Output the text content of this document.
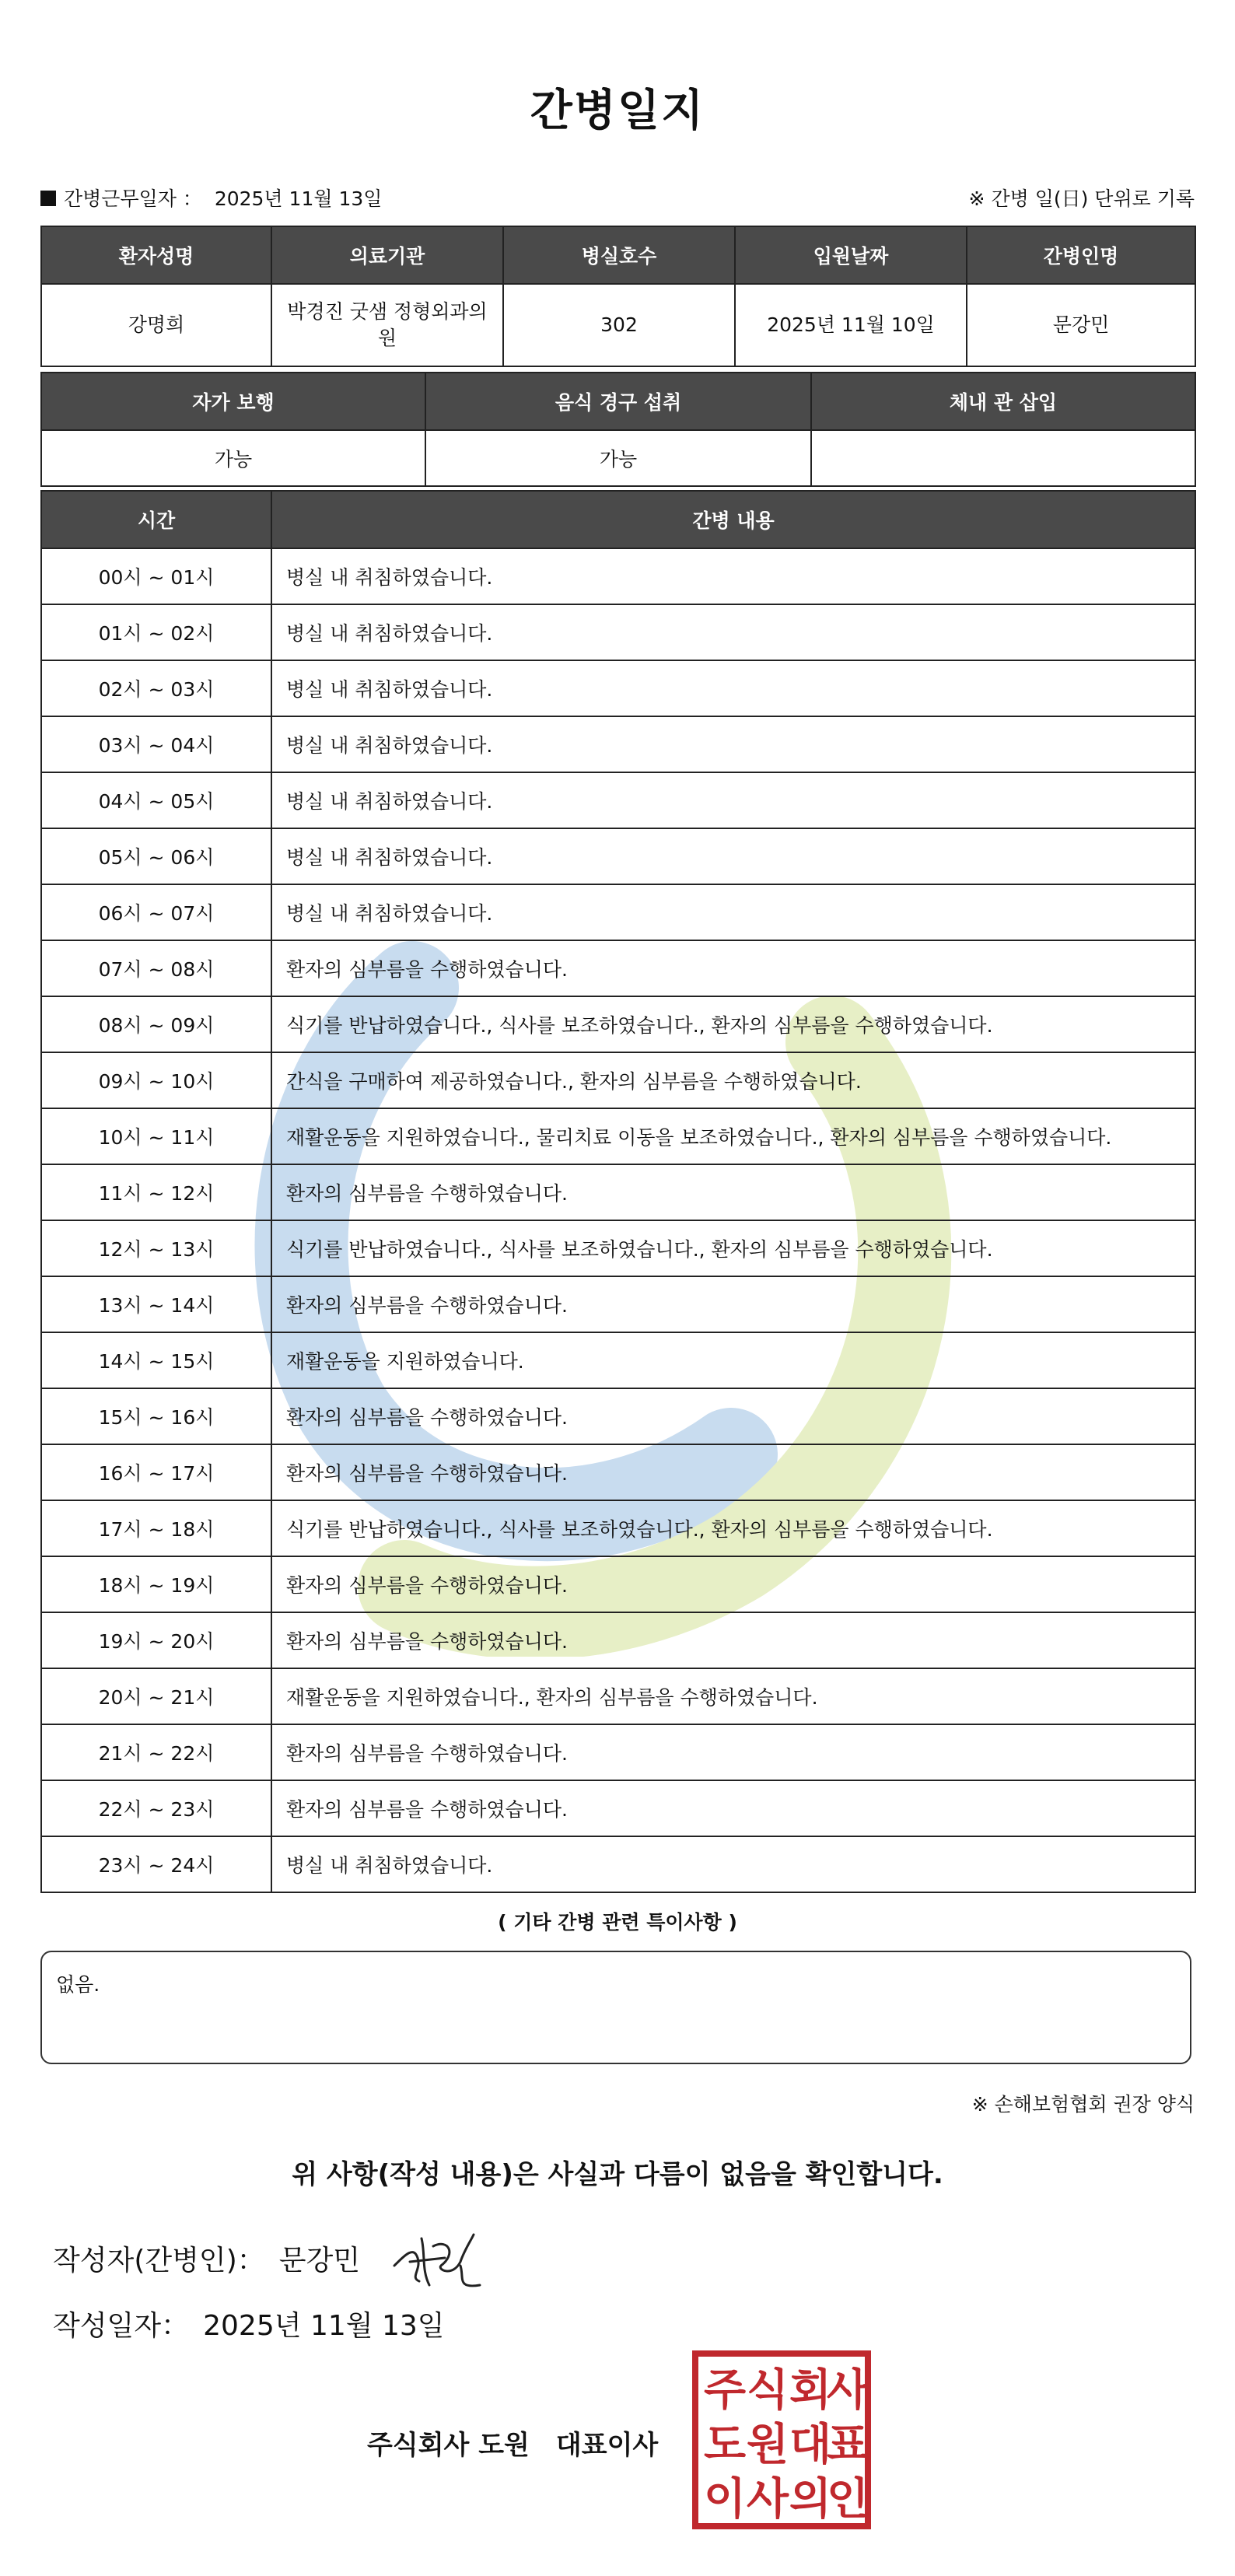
간병일지
간병근무일자 ： 2025년 11월 13일	※ 간병 일(日) 단위로 기록
환자성명	의료기관	병실호수	입원날짜	간병인명
강명희	박경진 굿샘 정형외과의원	302	2025년 11월 10일	문강민
자가 보행	음식 경구 섭취	체내 관 삽입
가능	가능	
시간	간병 내용
00시 ~ 01시	병실 내 취침하였습니다.
01시 ~ 02시	병실 내 취침하였습니다.
02시 ~ 03시	병실 내 취침하였습니다.
03시 ~ 04시	병실 내 취침하였습니다.
04시 ~ 05시	병실 내 취침하였습니다.
05시 ~ 06시	병실 내 취침하였습니다.
06시 ~ 07시	병실 내 취침하였습니다.
07시 ~ 08시	환자의 심부름을 수행하였습니다.
08시 ~ 09시	식기를 반납하였습니다., 식사를 보조하였습니다., 환자의 심부름을 수행하였습니다.
09시 ~ 10시	간식을 구매하여 제공하였습니다., 환자의 심부름을 수행하였습니다.
10시 ~ 11시	재활운동을 지원하였습니다., 물리치료 이동을 보조하였습니다., 환자의 심부름을 수행하였습니다.
11시 ~ 12시	환자의 심부름을 수행하였습니다.
12시 ~ 13시	식기를 반납하였습니다., 식사를 보조하였습니다., 환자의 심부름을 수행하였습니다.
13시 ~ 14시	환자의 심부름을 수행하였습니다.
14시 ~ 15시	재활운동을 지원하였습니다.
15시 ~ 16시	환자의 심부름을 수행하였습니다.
16시 ~ 17시	환자의 심부름을 수행하였습니다.
17시 ~ 18시	식기를 반납하였습니다., 식사를 보조하였습니다., 환자의 심부름을 수행하였습니다.
18시 ~ 19시	환자의 심부름을 수행하였습니다.
19시 ~ 20시	환자의 심부름을 수행하였습니다.
20시 ~ 21시	재활운동을 지원하였습니다., 환자의 심부름을 수행하였습니다.
21시 ~ 22시	환자의 심부름을 수행하였습니다.
22시 ~ 23시	환자의 심부름을 수행하였습니다.
23시 ~ 24시	병실 내 취침하였습니다.
( 기타 간병 관련 특이사항 )
없음.
※ 손해보험협회 권장 양식
위 사항(작성 내용)은 사실과 다름이 없음을 확인합니다.
작성자(간병인)： 문강민
작성일자： 2025년 11월 13일
주식회사 도원　대표이사
주 식 회
사
도 원 대
표
이 사 의
인
